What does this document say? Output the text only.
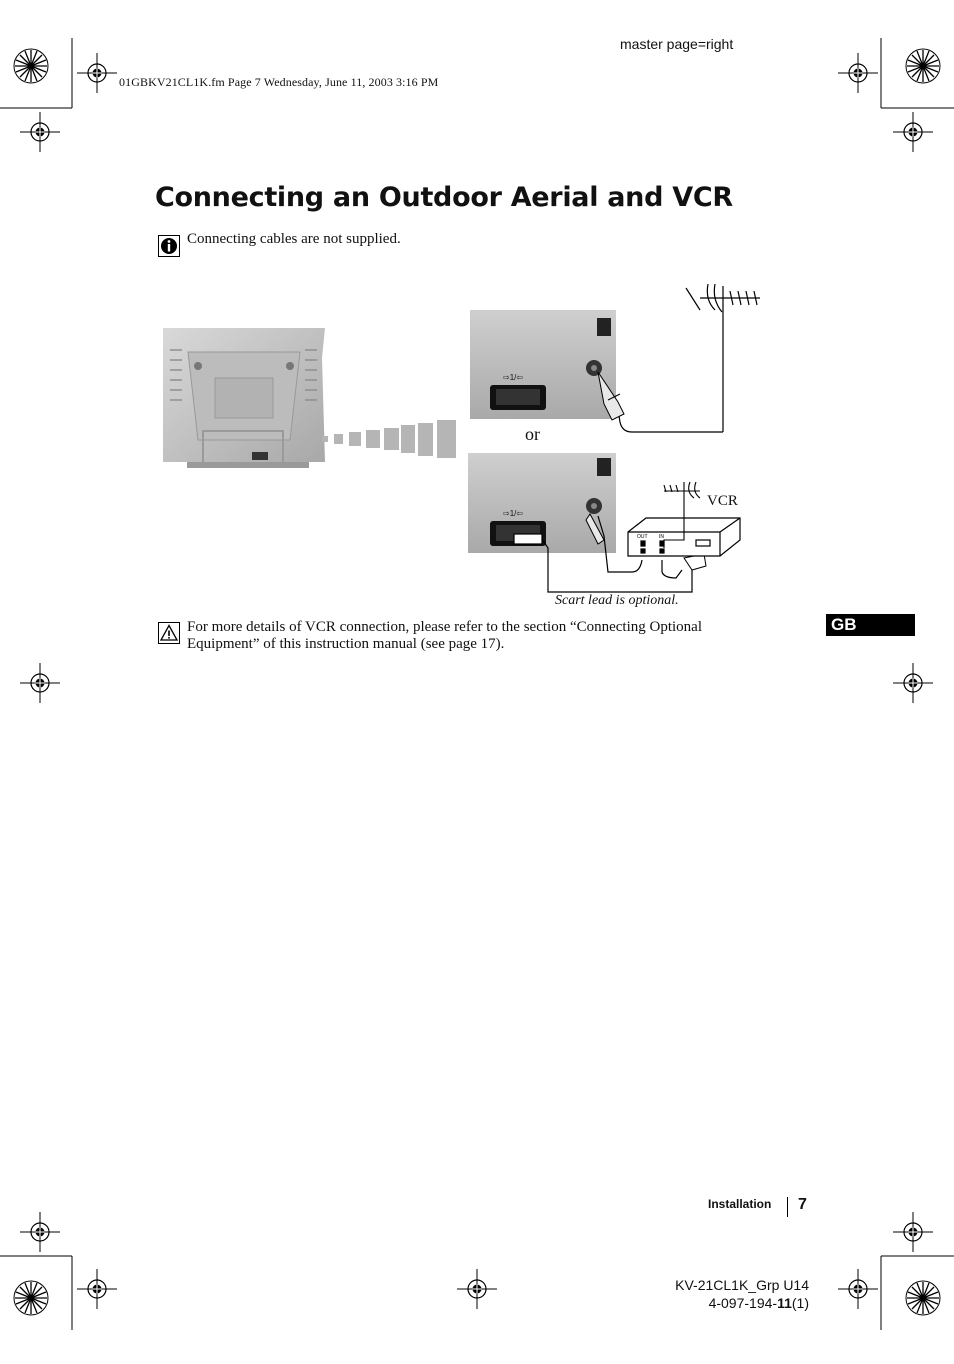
master page=right
01GBKV21CL1K.fm Page 7 Wednesday, June 11, 2003 3:16 PM
Connecting an Outdoor Aerial and VCR
Connecting cables are not supplied.
⇨1/⇦
⇨1/⇦
OUT IN
or
VCR
Scart lead is optional.
For more details of VCR connection, please refer to the section “Connecting Optional
Equipment” of this instruction manual (see page 17).
GB
Installation 7
KV-21CL1K_Grp U14
4-097-194-11(1)
